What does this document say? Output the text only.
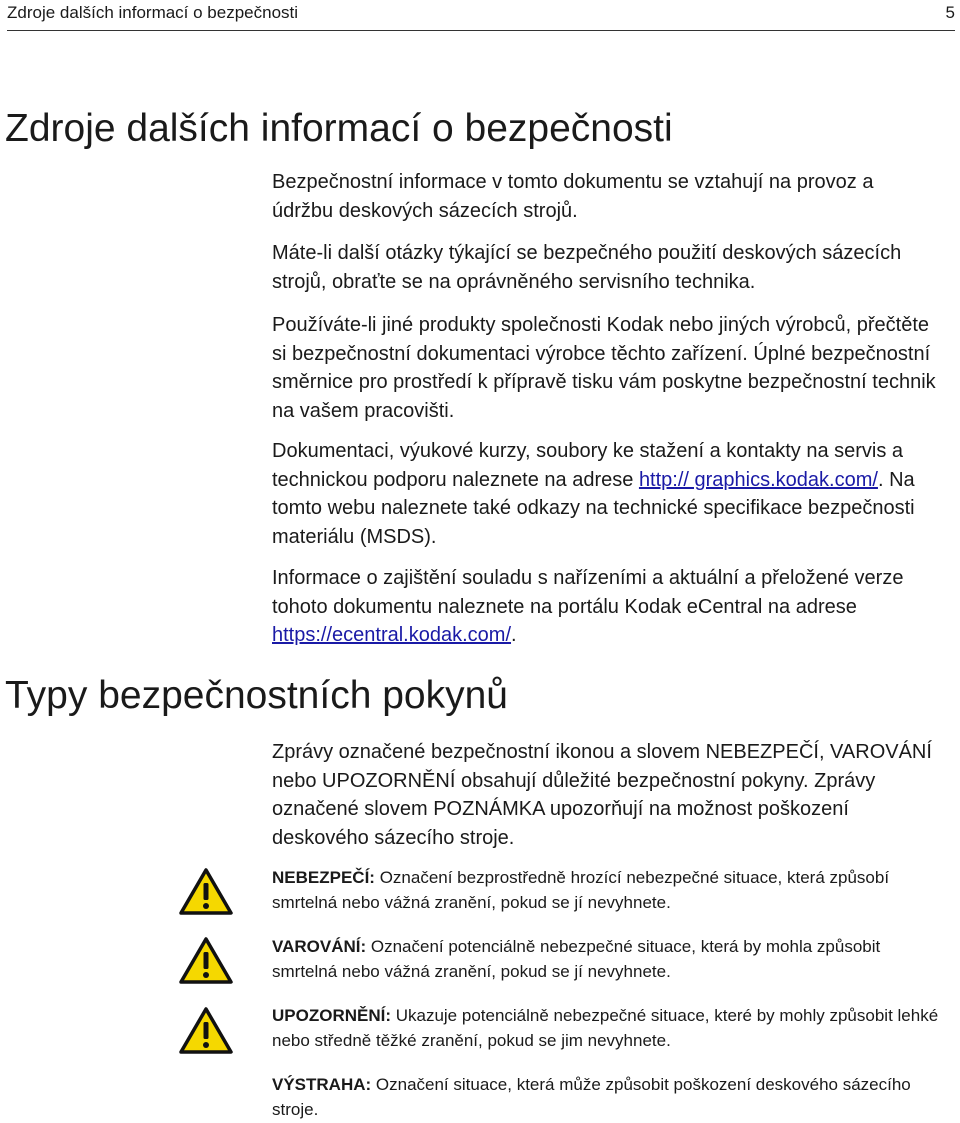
Zdroje dalších informací o bezpečnosti	5
Zdroje dalších informací o bezpečnosti

Bezpečnostní informace v tomto dokumentu se vztahují na provoz a údržbu deskových sázecích strojů.

Máte-li další otázky týkající se bezpečného použití deskových sázecích strojů, obraťte se na oprávněného servisního technika.

Používáte-li jiné produkty společnosti Kodak nebo jiných výrobců, přečtěte si bezpečnostní dokumentaci výrobce těchto zařízení. Úplné bezpečnostní směrnice pro prostředí k přípravě tisku vám poskytne bezpečnostní technik na vašem pracovišti.

Dokumentaci, výukové kurzy, soubory ke stažení a kontakty na servis a technickou podporu naleznete na adrese http:// graphics.kodak.com/. Na tomto webu naleznete také odkazy na technické specifikace bezpečnosti materiálu (MSDS).

Informace o zajištění souladu s nařízeními a aktuální a přeložené verze tohoto dokumentu naleznete na portálu Kodak eCentral na adrese https://ecentral.kodak.com/.

Typy bezpečnostních pokynů

Zprávy označené bezpečnostní ikonou a slovem NEBEZPEČÍ, VAROVÁNÍ nebo UPOZORNĚNÍ obsahují důležité bezpečnostní pokyny. Zprávy označené slovem POZNÁMKA upozorňují na možnost poškození deskového sázecího stroje.

NEBEZPEČÍ: Označení bezprostředně hrozící nebezpečné situace, která způsobí smrtelná nebo vážná zranění, pokud se jí nevyhnete.

VAROVÁNÍ: Označení potenciálně nebezpečné situace, která by mohla způsobit smrtelná nebo vážná zranění, pokud se jí nevyhnete.

UPOZORNĚNÍ: Ukazuje potenciálně nebezpečné situace, které by mohly způsobit lehké nebo středně těžké zranění, pokud se jim nevyhnete.

VÝSTRAHA: Označení situace, která může způsobit poškození deskového sázecího stroje.
